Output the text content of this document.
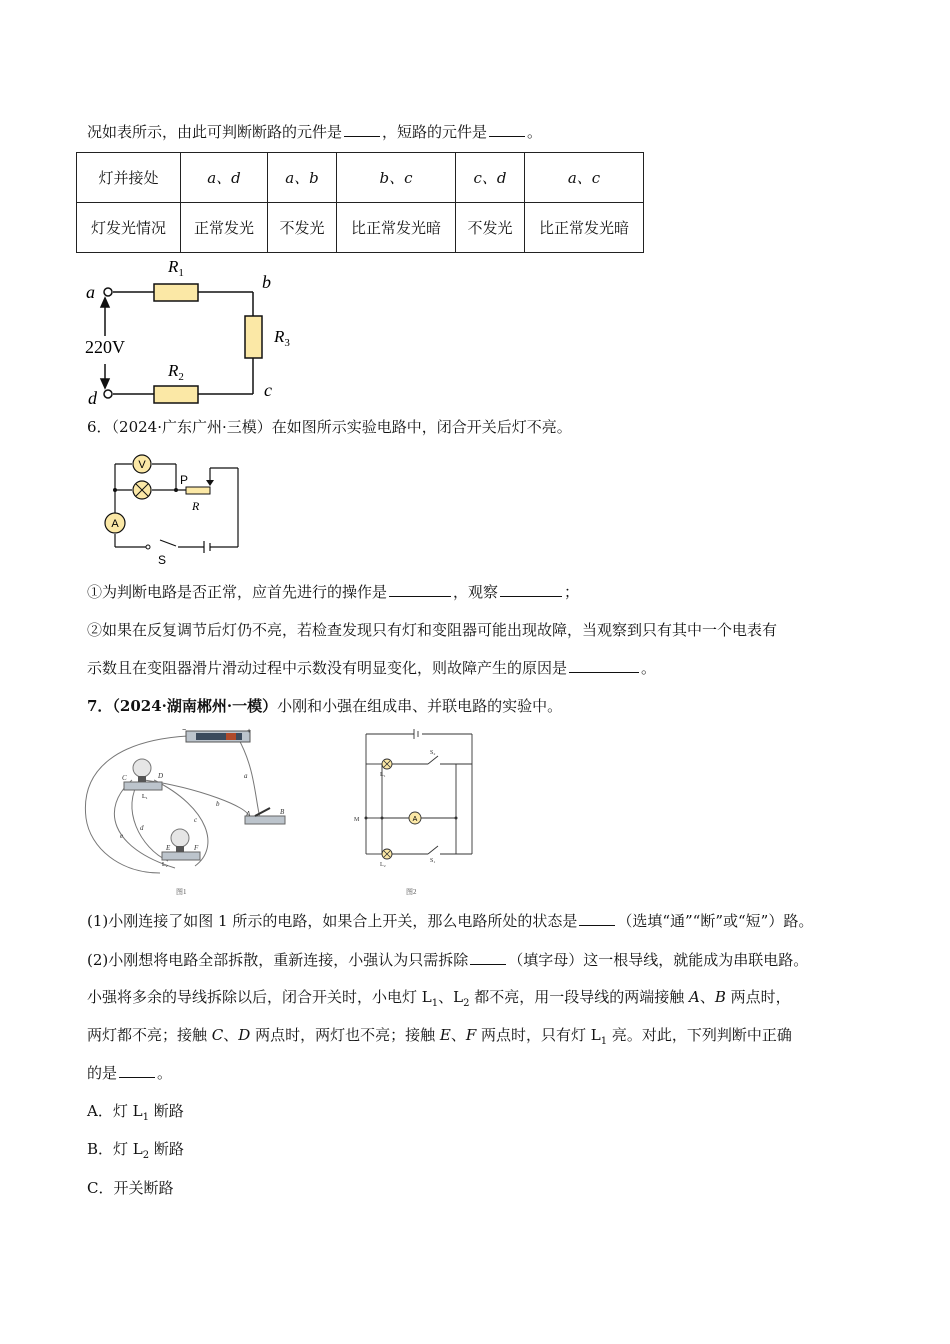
况如表所示，由此可判断断路的元件是	，短路的元件是	。
灯并接处	a、d	a、b	b、c	c、d	a、c
灯发光情况	正常发光	不发光	比正常发光暗	不发光	比正常发光暗
$R_1$
$R_2$
$R_3$
a	b
c
d
220V
6．（2024·广东广州·三模）在如图所示实验电路中，闭合开关后灯不亮。
V
A
P
R
S
①为判断电路是否正常，应首先进行的操作是	，观察	；
②如果在反复调节后灯仍不亮，若检查发现只有灯和变阻器可能出现故障，当观察到只有其中一个电表有
示数且在变阻器滑片滑动过程中示数没有明显变化，则故障产生的原因是	。
7．（2024·湖南郴州·一模）小刚和小强在组成串、并联电路的实验中。
−	+
C	D
A	B
E	F
a
b
c
d
e
L₁
L₂
图1
A
M
L₁
L₂
S₂
S₁
图2
(1)小刚连接了如图 1 所示的电路，如果合上开关，那么电路所处的状态是	（选填“通”“断”或“短”）路。
(2)小刚想将电路全部拆散，重新连接，小强认为只需拆除	（填字母）这一根导线，就能成为串联电路。
小强将多余的导线拆除以后，闭合开关时，小电灯 $L_1$、$L_2$ 都不亮，用一段导线的两端接触 A、B 两点时，
两灯都不亮；接触 C、D 两点时，两灯也不亮；接触 E、F 两点时，只有灯 $L_1$ 亮。对此，下列判断中正确
的是	。
A．灯 $L_1$ 断路
B．灯 $L_2$ 断路
C．开关断路
